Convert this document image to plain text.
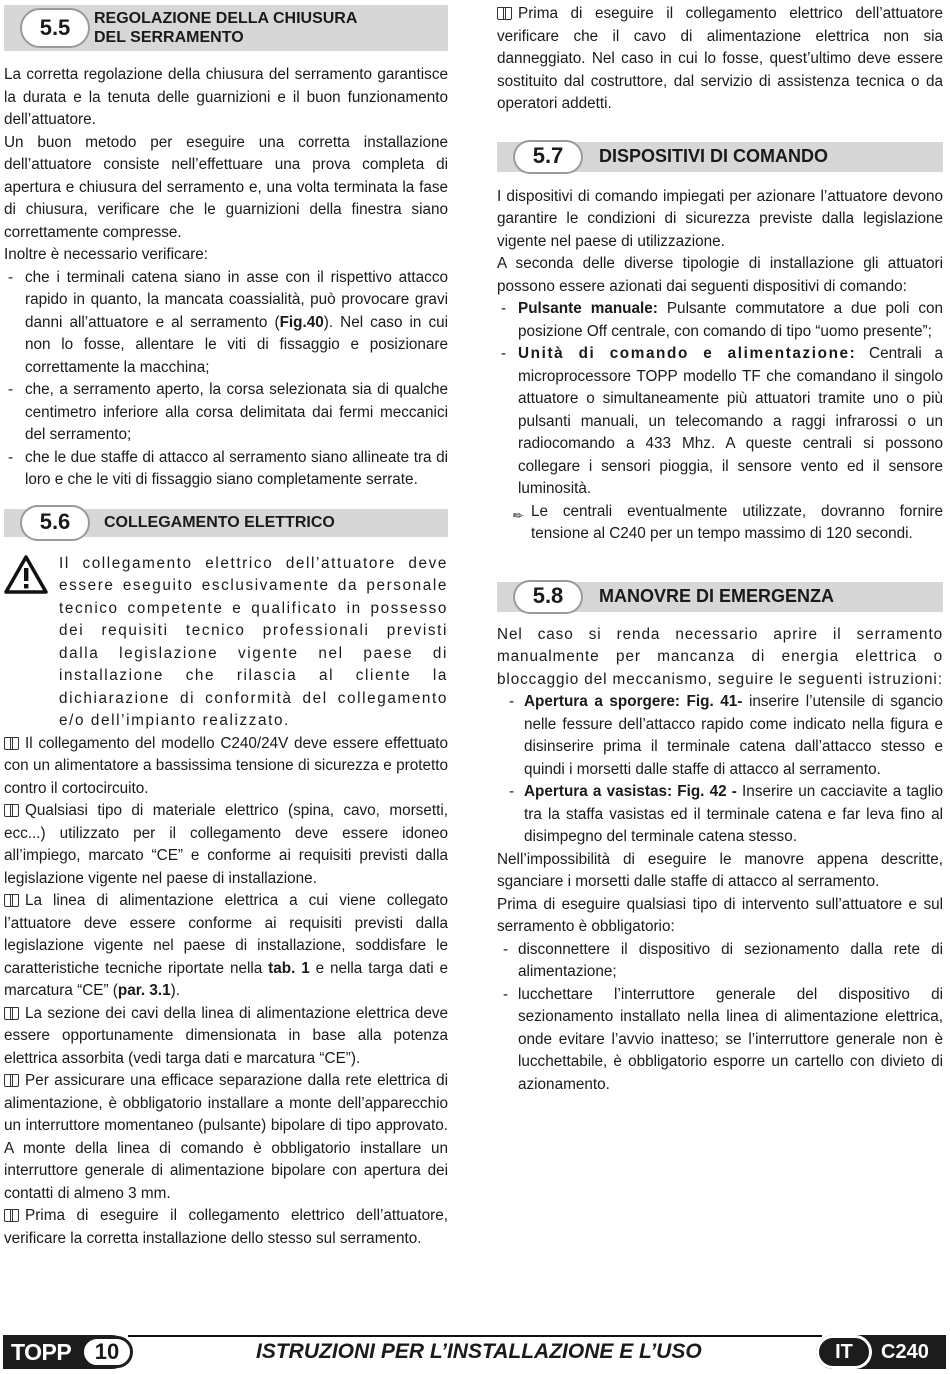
5.5 REGOLAZIONE DELLA CHIUSURA
DEL SERRAMENTO

La corretta regolazione della chiusura del serramento garantisce la durata e la tenuta delle guarnizioni e il buon funzionamento dell’attuatore.

Un buon metodo per eseguire una corretta installazione dell’attuatore consiste nell’effettuare una prova completa di apertura e chiusura del serramento e, una volta terminata la fase di chiusura, verificare che le guarnizioni della finestra siano correttamente compresse.

Inoltre è necessario verificare:

- che i terminali catena siano in asse con il rispettivo attacco rapido in quanto, la mancata coassialità, può provocare gravi danni all’attuatore e al serramento (Fig.40). Nel caso in cui non lo fosse, allentare le viti di fissaggio e posizionare correttamente la macchina;
- che, a serramento aperto, la corsa selezionata sia di qualche centimetro inferiore alla corsa delimitata dai fermi meccanici del serramento;
- che le due staffe di attacco al serramento siano allineate tra di loro e che le viti di fissaggio siano completamente serrate.
5.6	COLLEGAMENTO ELETTRICO

Il collegamento elettrico dell’attuatore deve essere eseguito esclusivamente da personale tecnico competente e qualificato in possesso dei requisiti tecnico professionali previsti dalla legislazione vigente nel paese di installazione che rilascia al cliente la dichiarazione di conformità del collegamento e/o dell’impianto realizzato.

Il collegamento del modello C240/24V deve essere effettuato con un alimentatore a bassissima tensione di sicurezza e protetto contro il cortocircuito.

Qualsiasi tipo di materiale elettrico (spina, cavo, morsetti, ecc...) utilizzato per il collegamento deve essere idoneo all’impiego, marcato “CE” e conforme ai requisiti previsti dalla legislazione vigente nel paese di installazione.

La linea di alimentazione elettrica a cui viene collegato l’attuatore deve essere conforme ai requisiti previsti dalla legislazione vigente nel paese di installazione, soddisfare le caratteristiche tecniche riportate nella tab. 1 e nella targa dati e marcatura “CE” (par. 3.1).

La sezione dei cavi della linea di alimentazione elettrica deve essere opportunamente dimensionata in base alla potenza elettrica assorbita (vedi targa dati e marcatura “CE”).

Per assicurare una efficace separazione dalla rete elettrica di alimentazione, è obbligatorio installare a monte dell’apparecchio un interruttore momentaneo (pulsante) bipolare di tipo approvato. A monte della linea di comando è obbligatorio installare un interruttore generale di alimentazione bipolare con apertura dei contatti di almeno 3 mm.

Prima di eseguire il collegamento elettrico dell’attuatore, verificare la corretta installazione dello stesso sul serramento.

Prima di eseguire il collegamento elettrico dell’attuatore verificare che il cavo di alimentazione elettrica non sia danneggiato. Nel caso in cui lo fosse, quest’ultimo deve essere sostituito dal costruttore, dal servizio di assistenza tecnica o da operatori addetti.

5.7	DISPOSITIVI DI COMANDO

I dispositivi di comando impiegati per azionare l’attuatore devono garantire le condizioni di sicurezza previste dalla legislazione vigente nel paese di utilizzazione.

A seconda delle diverse tipologie di installazione gli attuatori possono essere azionati dai seguenti dispositivi di comando:

- Pulsante manuale: Pulsante commutatore a due poli con posizione Off centrale, con comando di tipo “uomo presente”;
- Unità di comando e alimentazione: Centrali a microprocessore TOPP modello TF che comandano il singolo attuatore o simultaneamente più attuatori tramite uno o più pulsanti manuali, un telecomando a raggi infrarossi o un radiocomando a 433 Mhz. A queste centrali si possono collegare i sensori pioggia, il sensore vento ed il sensore luminosità.
✎ Le centrali eventualmente utilizzate, dovranno fornire tensione al C240 per un tempo massimo di 120 secondi.
5.8	MANOVRE DI EMERGENZA

Nel caso si renda necessario aprire il serramento manualmente per mancanza di energia elettrica o bloccaggio del meccanismo, seguire le seguenti istruzioni:

- Apertura a sporgere: Fig. 41- inserire l’utensile di sgancio nelle fessure dell’attacco rapido come indicato nella figura e disinserire prima il terminale catena dall’attacco stesso e quindi i morsetti dalle staffe di attacco al serramento.
- Apertura a vasistas: Fig. 42 - Inserire un cacciavite a taglio tra la staffa vasistas ed il terminale catena e far leva fino al disimpegno del terminale catena stesso.

Nell’impossibilità di eseguire le manovre appena descritte, sganciare i morsetti dalle staffe di attacco al serramento.

Prima di eseguire qualsiasi tipo di intervento sull’attuatore e sul serramento è obbligatorio:

- disconnettere il dispositivo di sezionamento dalla rete di alimentazione;
- lucchettare l’interruttore generale del dispositivo di sezionamento installato nella linea di alimentazione elettrica, onde evitare l’avvio inatteso; se l’interruttore generale non è lucchettabile, è obbligatorio esporre un cartello con divieto di azionamento.
TOPP	10	ISTRUZIONI PER L’INSTALLAZIONE E L’USO	IT	C240
